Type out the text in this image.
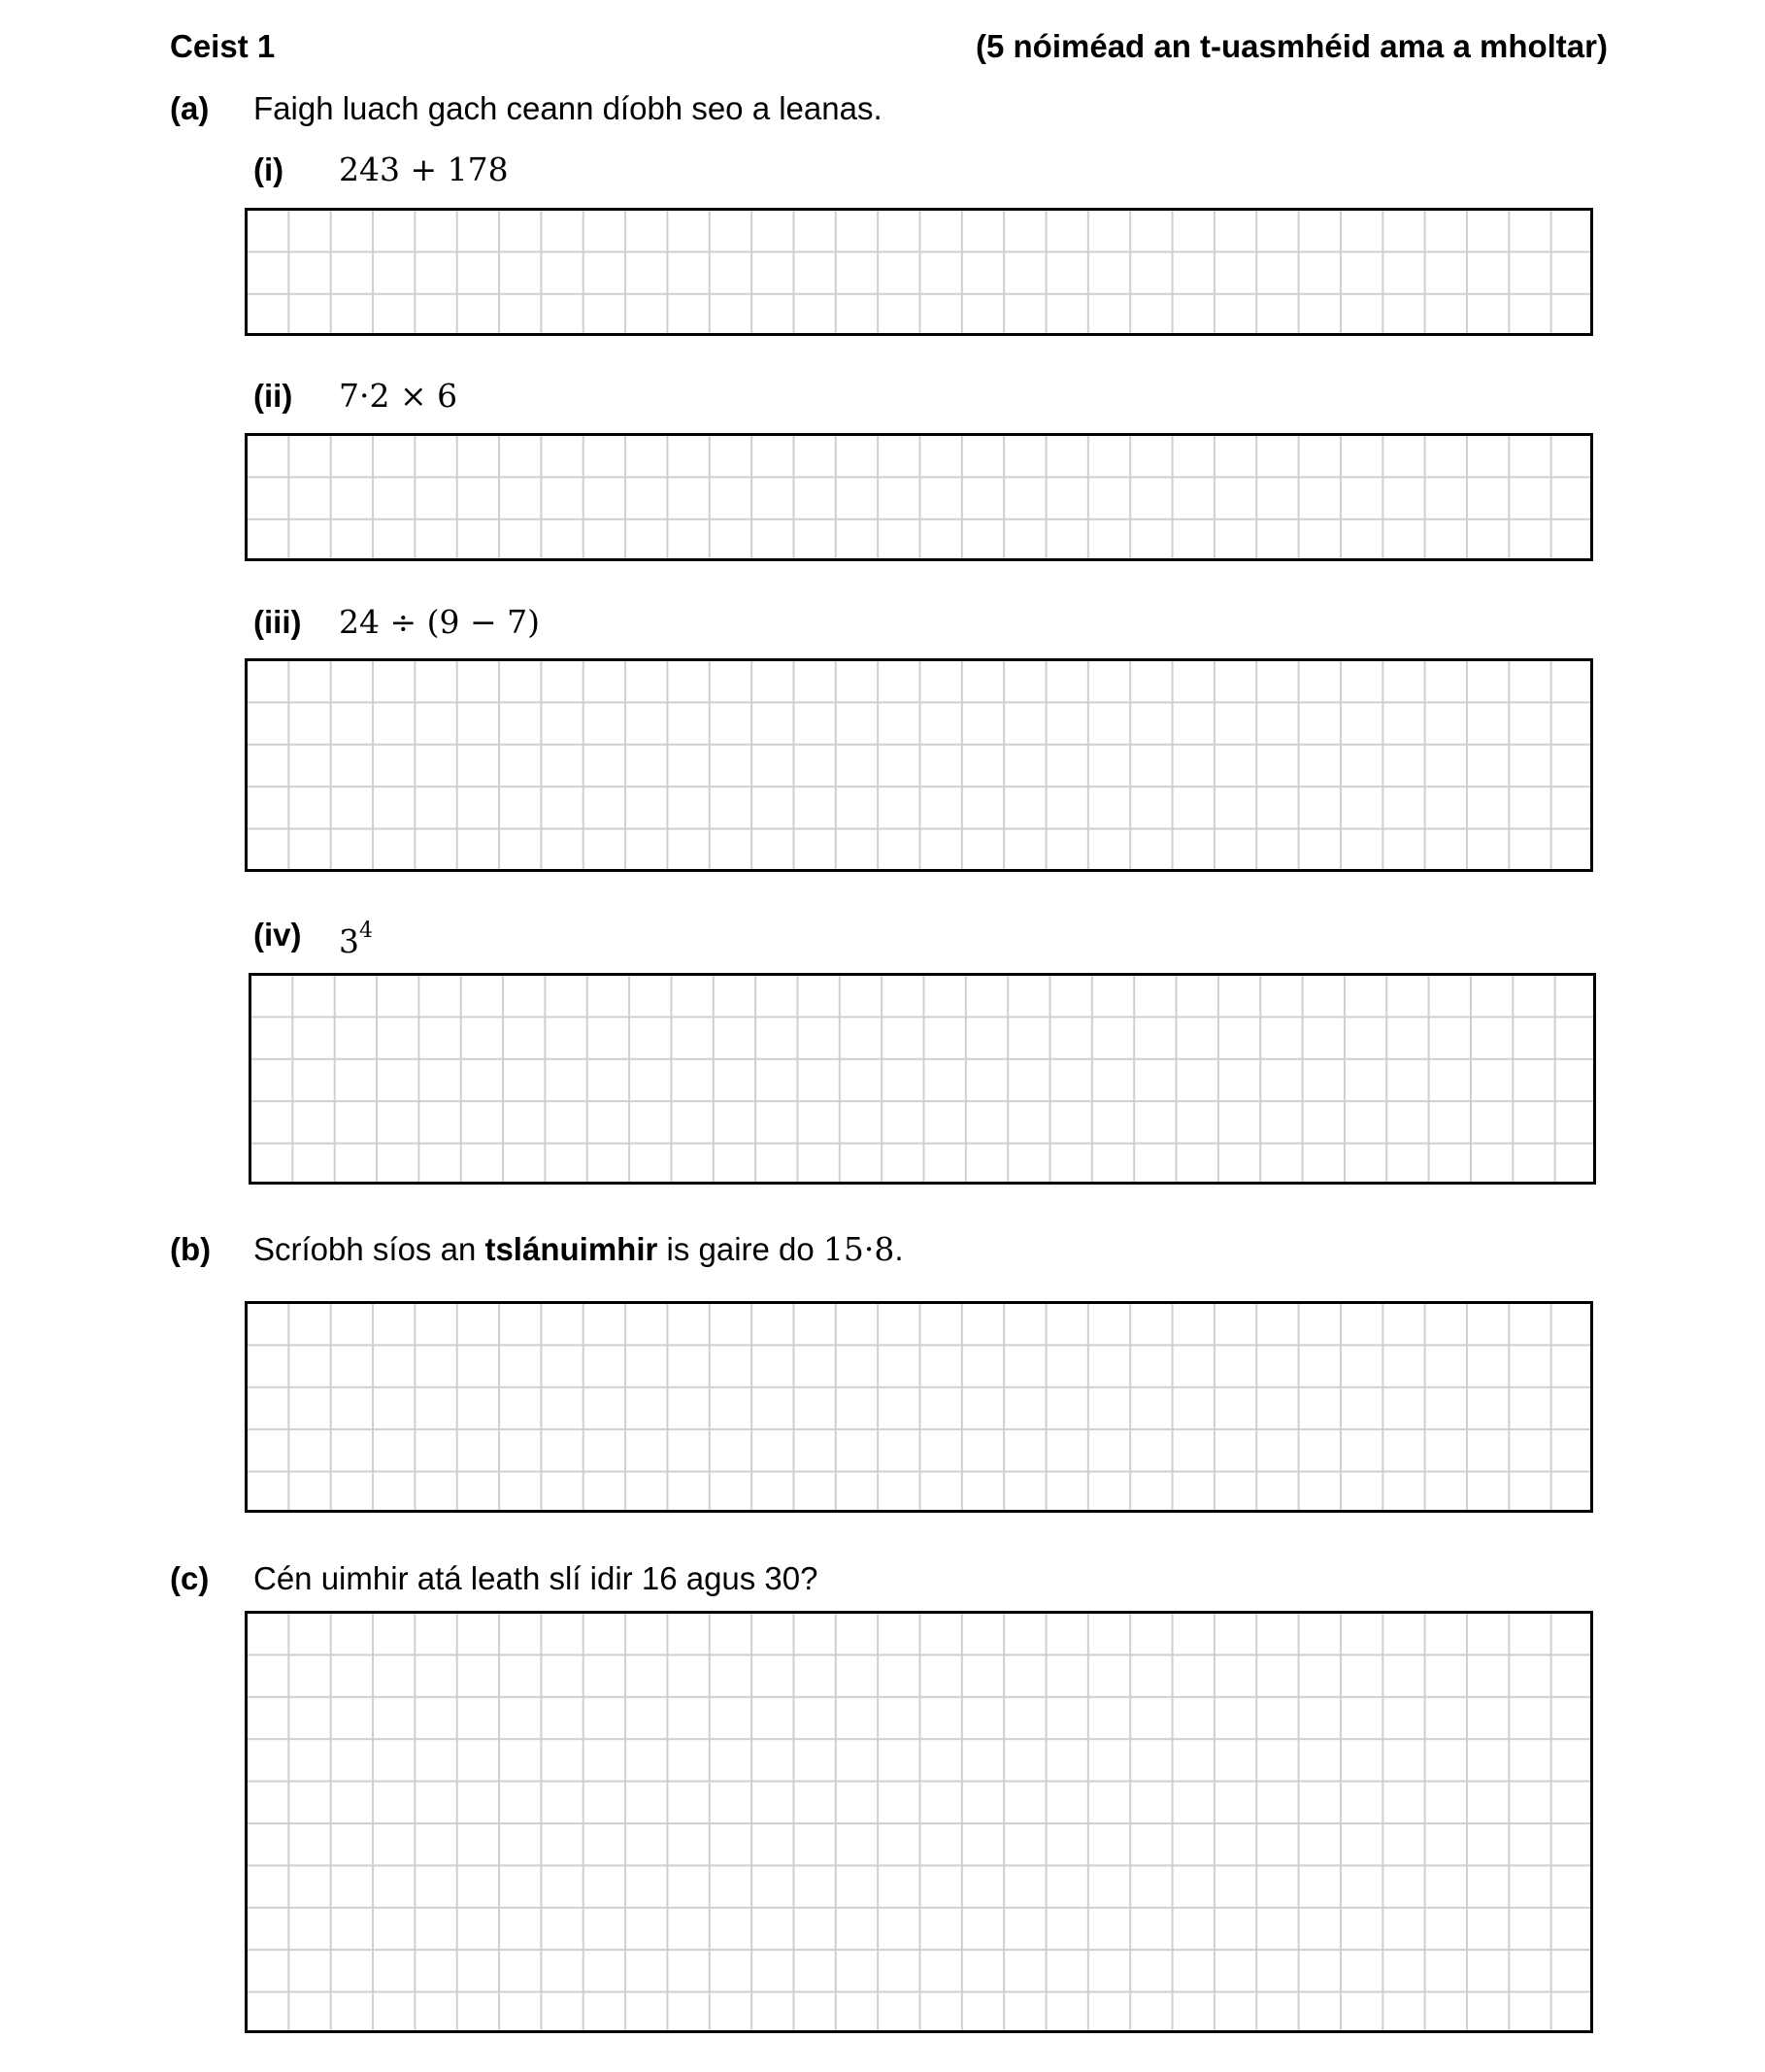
Ceist 1	(5 nóiméad an t-uasmhéid ama a mholtar)
(a) Faigh luach gach ceann díobh seo a leanas.
(i) 243 + 178
(ii) 7·2 × 6
(iii) 24 ÷ (9 − 7)
(iv) $3^4$
(b) Scríobh síos an tslánuimhir is gaire do 15·8.
(c) Cén uimhir atá leath slí idir 16 agus 30?
